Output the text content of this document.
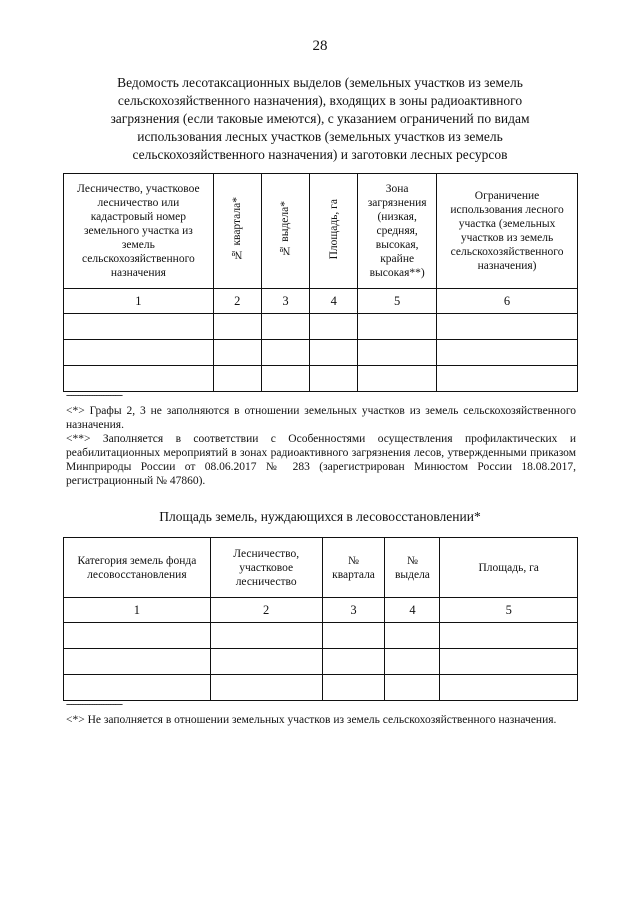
28
Ведомость лесотаксационных выделов (земельных участков из земель
сельскохозяйственного назначения), входящих в зоны радиоактивного
загрязнения (если таковые имеются), с указанием ограничений по видам
использования лесных участков (земельных участков из земель
сельскохозяйственного назначения) и заготовки лесных ресурсов
Лесничество, участковое лесничество или кадастровый номер земельного участка из земель сельскохозяйственного назначения	№ квартала*	№ выдела*	Площадь, га	Зона загрязнения (низкая, средняя, высокая, крайне высокая**)	Ограничение использования лесного участка (земельных участков из земель сельскохозяйственного назначения)
1	2	3	4	5	6

------------------------
<*> Графы 2, 3 не заполняются в отношении земельных участков из земель сельскохозяйственного назначения.
<**> Заполняется в соответствии с Особенностями осуществления профилактических и реабилитационных мероприятий в зонах радиоактивного загрязнения лесов, утвержденными приказом Минприроды России от 08.06.2017 № 283 (зарегистрирован Минюстом России 18.08.2017, регистрационный № 47860).
Площадь земель, нуждающихся в лесовосстановлении*
Категория земель фонда лесовосстановления	Лесничество, участковое лесничество	№ квартала	№ выдела	Площадь, га
1	2	3	4	5

------------------------
<*> Не заполняется в отношении земельных участков из земель сельскохозяйственного назначения.
